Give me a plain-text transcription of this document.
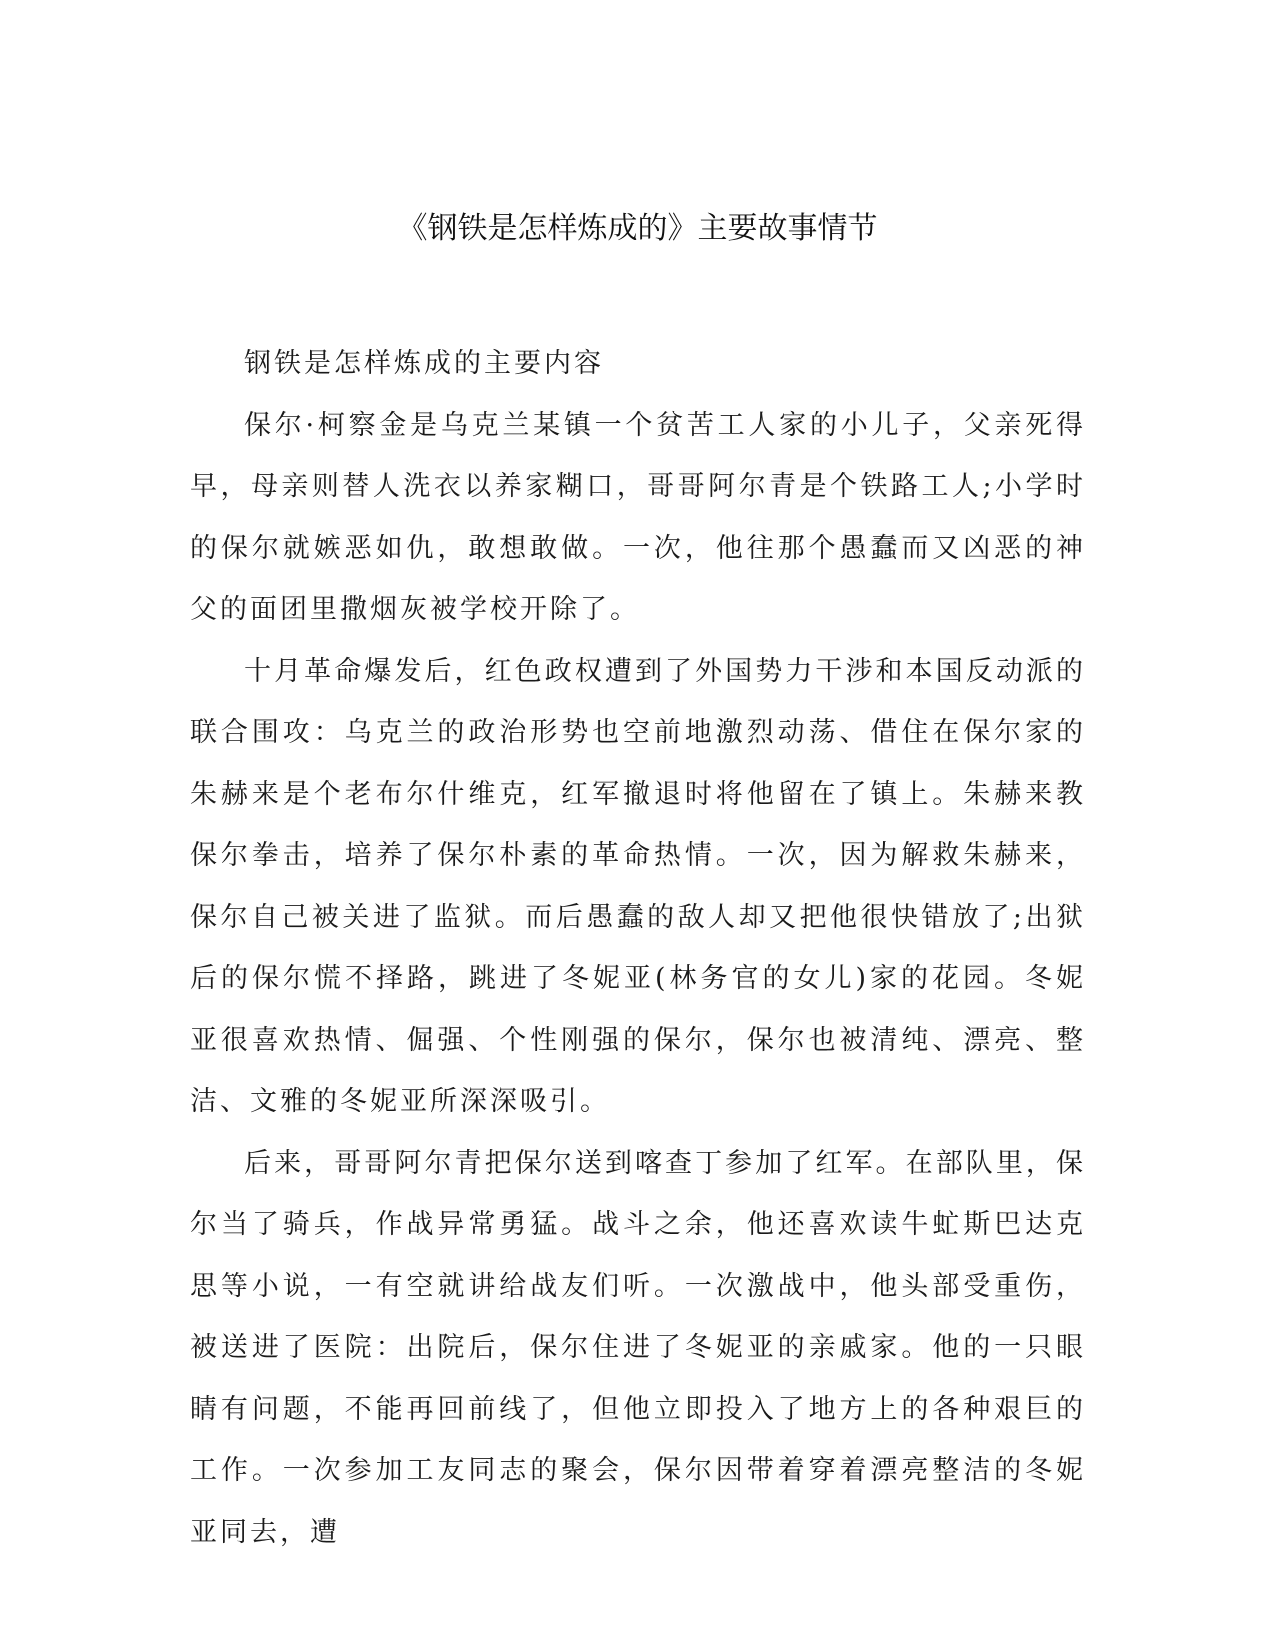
《钢铁是怎样炼成的》主要故事情节

钢铁是怎样炼成的主要内容

保尔·柯察金是乌克兰某镇一个贫苦工人家的小儿子，父亲死得早，母亲则替人洗衣以养家糊口，哥哥阿尔青是个铁路工人;小学时的保尔就嫉恶如仇，敢想敢做。一次，他往那个愚蠢而又凶恶的神父的面团里撒烟灰被学校开除了。

十月革命爆发后，红色政权遭到了外国势力干涉和本国反动派的联合围攻：乌克兰的政治形势也空前地激烈动荡、借住在保尔家的朱赫来是个老布尔什维克，红军撤退时将他留在了镇上。朱赫来教保尔拳击，培养了保尔朴素的革命热情。一次，因为解救朱赫来，保尔自己被关进了监狱。而后愚蠢的敌人却又把他很快错放了;出狱后的保尔慌不择路，跳进了冬妮亚(林务官的女儿)家的花园。冬妮亚很喜欢热情、倔强、个性刚强的保尔，保尔也被清纯、漂亮、整洁、文雅的冬妮亚所深深吸引。

后来，哥哥阿尔青把保尔送到喀查丁参加了红军。在部队里，保尔当了骑兵，作战异常勇猛。战斗之余，他还喜欢读牛虻斯巴达克思等小说，一有空就讲给战友们听。一次激战中，他头部受重伤，被送进了医院：出院后，保尔住进了冬妮亚的亲戚家。他的一只眼睛有问题，不能再回前线了，但他立即投入了地方上的各种艰巨的工作。一次参加工友同志的聚会，保尔因带着穿着漂亮整洁的冬妮亚同去，遭
